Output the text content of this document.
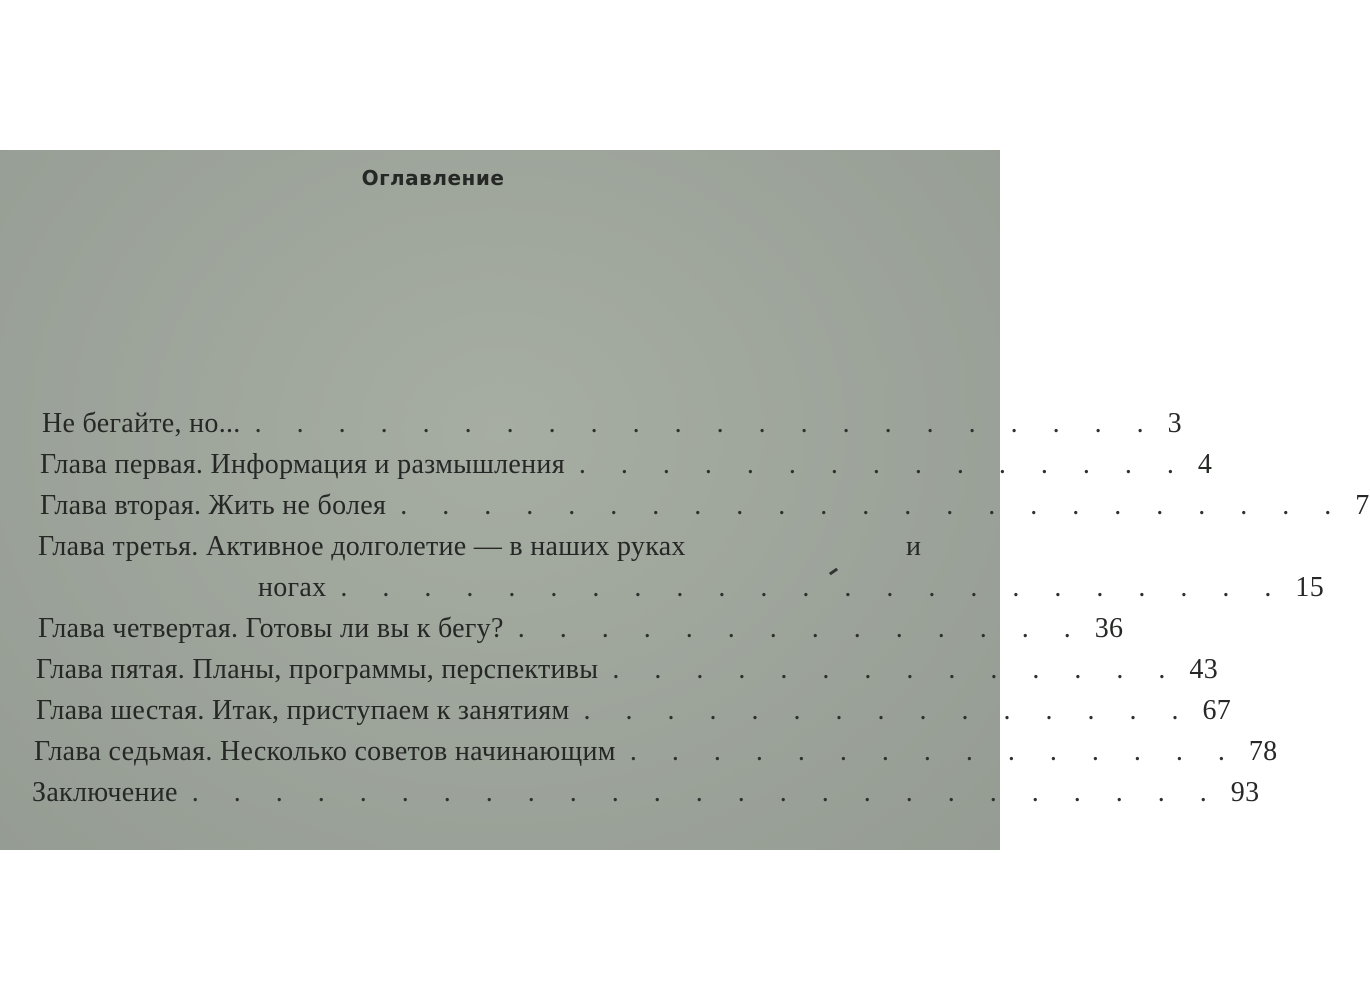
Оглавление
Не бегайте, но... . . . . . . . . . . . . . . . . . . . . . . 3
Глава первая. Информация и размышления . . . . . . . . . . . . . . . 4
Глава вторая. Жить не болея . . . . . . . . . . . . . . . . . . . . . . . 7
Глава третья. Активное долголетие — в наших руках	и
ногах . . . . . . . . . . . . . . . . . . . . . . . 15
Глава четвертая. Готовы ли вы к бегу? . . . . . . . . . . . . . . 36
Глава пятая. Планы, программы, перспективы . . . . . . . . . . . . . . 43
Глава шестая. Итак, приступаем к занятиям . . . . . . . . . . . . . . . 67
Глава седьмая. Несколько советов начинающим . . . . . . . . . . . . . . . 78
Заключение . . . . . . . . . . . . . . . . . . . . . . . . . 93
